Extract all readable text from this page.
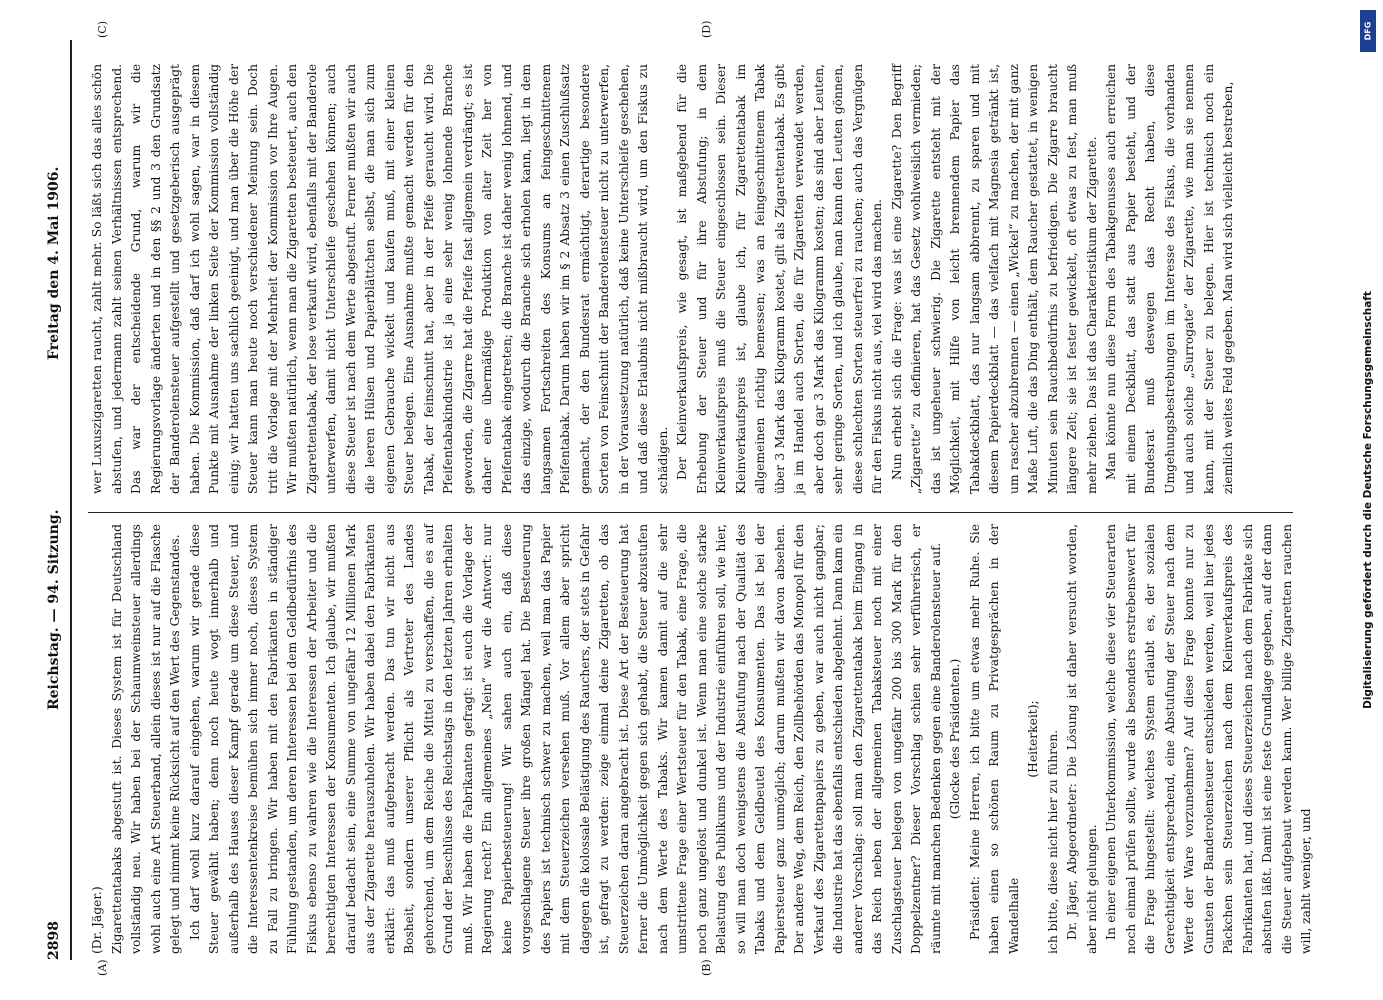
2898
Reichstag. — 94. Sitzung.
Freitag den 4. Mai 1906.
(A)	(B)
(C)	(D)

(Dr. Jäger.) Zigarettentabaks abgestuft ist. Dieses System ist für Deutschland vollständig neu. Wir haben bei der Schaumweinsteuer allerdings wohl auch eine Art Steuerband, allein dieses ist nur auf die Flasche gelegt und nimmt keine Rücksicht auf den Wert des Gegenstandes. Ich darf wohl kurz darauf eingehen, warum wir gerade diese Steuer gewählt haben; denn noch heute wogt innerhalb und außerhalb des Hauses dieser Kampf gerade um diese Steuer, und die Interessentenkreise bemühen sich immer noch, dieses System zu Fall zu bringen. Wir haben mit den Fabrikanten in ständiger Fühlung gestanden, um deren Interessen bei dem Geldbedürfnis des Fiskus ebenso zu wahren wie die Interessen der Arbeiter und die berechtigten Interessen der Konsumenten. Ich glaube, wir mußten darauf bedacht sein, eine Summe von ungefähr 12 Millionen Mark aus der Zigarette herauszuholen. Wir haben dabei den Fabrikanten erklärt: das muß aufgebracht werden. Das tun wir nicht aus Bosheit, sondern unserer Pflicht als Vertreter des Landes gehorchend, um dem Reiche die Mittel zu verschaffen, die es auf Grund der Beschlüsse des Reichstags in den letzten Jahren erhalten muß. Wir haben die Fabrikanten gefragt: ist euch die Vorlage der Regierung recht? Ein allgemeines „Nein“ war die Antwort: nur keine Papierbesteuerung! Wir sahen auch ein, daß diese vorgeschlagene Steuer ihre großen Mängel hat. Die Besteuerung des Papiers ist technisch schwer zu machen, weil man das Papier mit dem Steuerzeichen versehen muß. Vor allem aber spricht dagegen die kolossale Belästigung des Rauchers, der stets in Gefahr ist, gefragt zu werden: zeige einmal deine Zigaretten, ob das Steuerzeichen daran angebracht ist. Diese Art der Besteuerung hat ferner die Unmöglichkeit gegen sich gehabt, die Steuer abzustufen nach dem Werte des Tabaks. Wir kamen damit auf die sehr umstrittene Frage einer Wertsteuer für den Tabak, eine Frage, die noch ganz ungelöst und dunkel ist. Wenn man eine solche starke Belastung des Publikums und der Industrie einführen soll, wie hier, so will man doch wenigstens die Abstufung nach der Qualität des Tabaks und dem Geldbeutel des Konsumenten. Das ist bei der Papiersteuer ganz unmöglich; darum mußten wir davon absehen. Der andere Weg, dem Reich, den Zollbehörden das Monopol für den Verkauf des Zigarettenpapiers zu geben, war auch nicht gangbar; die Industrie hat das ebenfalls entschieden abgelehnt. Dann kam ein anderer Vorschlag: soll man den Zigarettentabak beim Eingang in das Reich neben der allgemeinen Tabaksteuer noch mit einer Zuschlagsteuer belegen von ungefähr 200 bis 300 Mark für den Doppelzentner? Dieser Vorschlag schien sehr verführerisch, er räumte mit manchen Bedenken gegen eine Banderolensteuer auf. (Glocke des Präsidenten.) Präsident: Meine Herren, ich bitte um etwas mehr Ruhe. Sie haben einen so schönen Raum zu Privatgesprächen in der Wandelhalle

(Heiterkeit); ich bitte, diese nicht hier zu führen. Dr. Jäger, Abgeordneter: Die Lösung ist daher versucht worden, aber nicht gelungen. In einer eigenen Unterkommission, welche diese vier Steuerarten noch einmal prüfen sollte, wurde als besonders erstrebenswert für die Frage hingestellt: welches System erlaubt es, der sozialen Gerechtigkeit entsprechend, eine Abstufung der Steuer nach dem Werte der Ware vorzunehmen? Auf diese Frage konnte nur zu Gunsten der Banderolensteuer entschieden werden, weil hier jedes Päckchen sein Steuerzeichen nach dem Kleinverkaufspreis des Fabrikanten hat, und dieses Steuerzeichen nach dem Fabrikate sich abstufen läßt. Damit ist eine feste Grundlage gegeben, auf der dann die Steuer aufgebaut werden kann. Wer billige Zigaretten rauchen will, zahlt weniger, und

wer Luxuszigaretten raucht, zahlt mehr. So läßt sich das alles schön abstufen, und jedermann zahlt seinen Verhältnissen entsprechend. Das war der entscheidende Grund, warum wir die Regierungsvorlage änderten und in den §§ 2 und 3 den Grundsatz der Banderolensteuer aufgestellt und gesetzgeberisch ausgeprägt haben. Die Kommission, daß darf ich wohl sagen, war in diesem Punkte mit Ausnahme der linken Seite der Kommission vollständig einig; wir hatten uns sachlich geeinigt, und man über die Höhe der Steuer kann man heute noch verschiedener Meinung sein. Doch tritt die Vorlage mit der Mehrheit der Kommission vor Ihre Augen. Wir mußten natürlich, wenn man die Zigaretten besteuert, auch den Zigarettentabak, der lose verkauft wird, ebenfalls mit der Banderole unterwerfen, damit nicht Unterschleife geschehen können; auch diese Steuer ist nach dem Werte abgestuft. Ferner mußten wir auch die leeren Hülsen und Papierblättchen selbst, die man sich zum eigenen Gebrauche wickelt und kaufen muß, mit einer kleinen Steuer belegen. Eine Ausnahme mußte gemacht werden für den Tabak, der feinschnitt hat, aber in der Pfeife geraucht wird. Die Pfeifentabakindustrie ist ja eine sehr wenig lohnende Branche geworden, die Zigarre hat die Pfeife fast allgemein verdrängt; es ist daher eine übermäßige Produktion von alter Zeit her von Pfeifentabak eingetreten; die Branche ist daher wenig lohnend, und das einzige, wodurch die Branche sich erholen kann, liegt in dem langsamen Fortschreiten des Konsums an feingeschnittenem Pfeifentabak. Darum haben wir im § 2 Absatz 3 einen Zuschlußsatz gemacht, der den Bundesrat ermächtigt, derartige besondere Sorten von Feinschnitt der Banderolensteuer nicht zu unterwerfen, in der Voraussetzung natürlich, daß keine Unterschleife geschehen, und daß diese Erlaubnis nicht mißbraucht wird, um den Fiskus zu schädigen. Der Kleinverkaufspreis, wie gesagt, ist maßgebend für die Erhebung der Steuer und für ihre Abstufung; in dem Kleinverkaufspreis muß die Steuer eingeschlossen sein. Dieser Kleinverkaufspreis ist, glaube ich, für Zigarettentabak im allgemeinen richtig bemessen; was an feingeschnittenem Tabak über 3 Mark das Kilogramm kostet, gilt als Zigarettentabak. Es gibt ja im Handel auch Sorten, die für Zigaretten verwendet werden, aber doch gar 3 Mark das Kilogramm kosten; das sind aber Leuten, sehr geringe Sorten, und ich glaube, man kann den Leuten gönnen, diese schlechten Sorten steuerfrei zu rauchen; auch das Vergnügen für den Fiskus nicht aus, viel wird das machen. Nun erhebt sich die Frage: was ist eine Zigarette? Den Begriff „Zigarette“ zu definieren, hat das Gesetz wohlweislich vermieden; das ist ungeheuer schwierig. Die Zigarette entsteht mit der Möglichkeit, mit Hilfe von leicht brennendem Papier das Tabakdeckblatt, das nur langsam abbrennt, zu sparen und mit diesem Papierdeckblatt — das vielfach mit Magnesia getränkt ist, um rascher abzubrennen — einen „Wickel“ zu machen, der mit ganz Maße Luft, die das Ding enthält, dem Raucher gestattet, in wenigen Minuten sein Rauchbedürfnis zu befriedigen. Die Zigarre braucht längere Zeit; sie ist fester gewickelt, oft etwas zu fest, man muß mehr ziehen. Das ist das Charakteristikum der Zigarette. Man könnte nun diese Form des Tabakgenusses auch erreichen mit einem Deckblatt, das statt aus Papier besteht, und der Bundesrat muß deswegen das Recht haben, diese Umgehungsbestrebungen im Interesse des Fiskus, die vorhanden und auch solche „Surrogate“ der Zigarette, wie man sie nennen kann, mit der Steuer zu belegen. Hier ist technisch noch ein ziemlich weites Feld gegeben. Man wird sich vielleicht bestreben,

DFG
Digitalisierung gefördert durch die Deutsche Forschungsgemeinschaft
